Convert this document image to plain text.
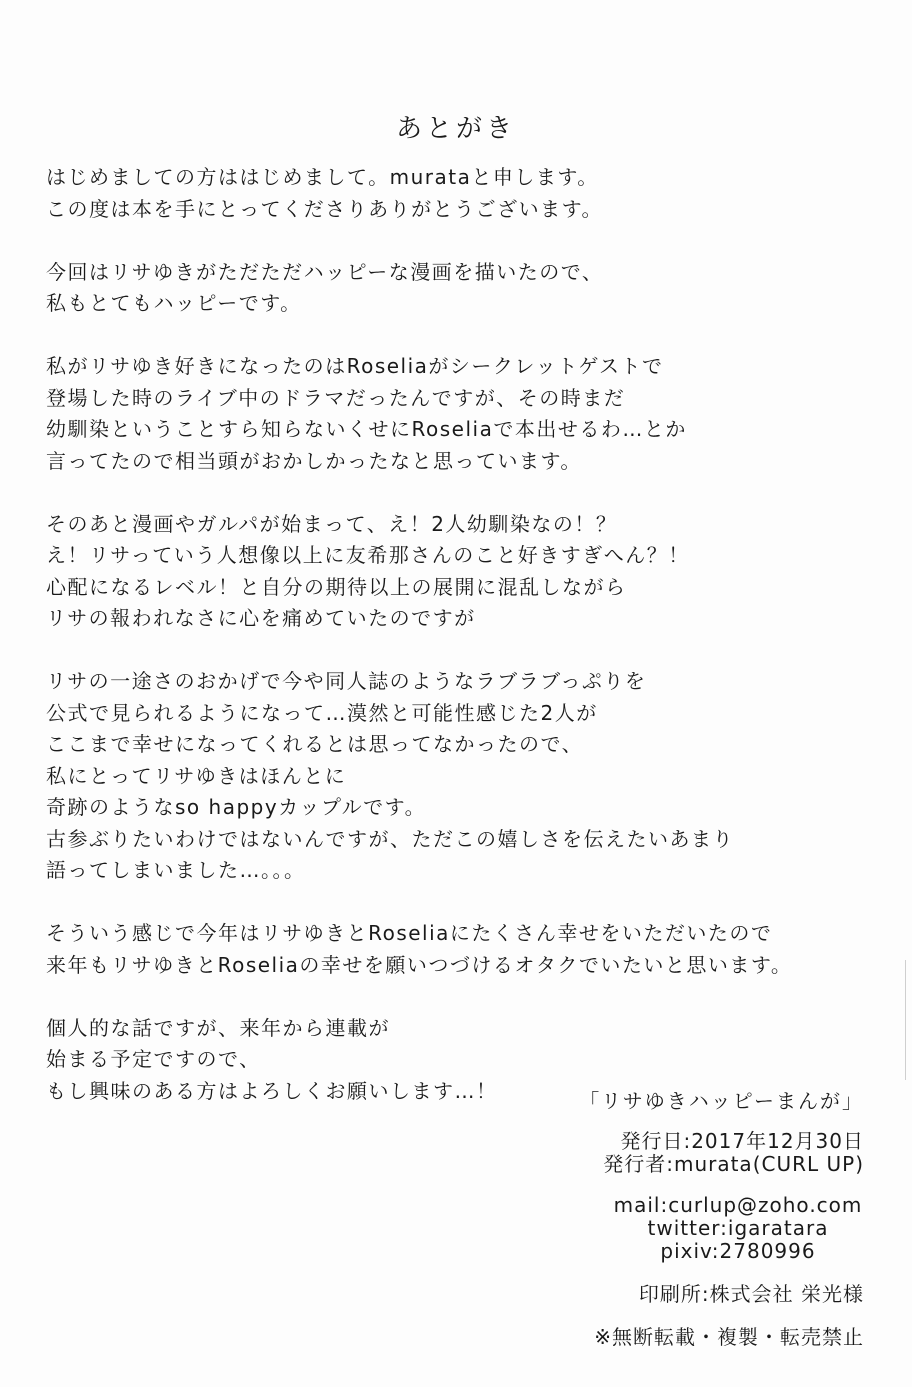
あとがき
はじめましての方ははじめまして。murataと申します。
この度は本を手にとってくださりありがとうございます。
今回はリサゆきがただただハッピーな漫画を描いたので、
私もとてもハッピーです。
私がリサゆき好きになったのはRoseliaがシークレットゲストで
登場した時のライブ中のドラマだったんですが、その時まだ
幼馴染ということすら知らないくせにRoseliaで本出せるわ…とか
言ってたので相当頭がおかしかったなと思っています。
そのあと漫画やガルパが始まって、え！2人幼馴染なの！？
え！リサっていう人想像以上に友希那さんのこと好きすぎへん？！
心配になるレベル！と自分の期待以上の展開に混乱しながら
リサの報われなさに心を痛めていたのですが
リサの一途さのおかげで今や同人誌のようなラブラブっぷりを
公式で見られるようになって…漠然と可能性感じた2人が
ここまで幸せになってくれるとは思ってなかったので、
私にとってリサゆきはほんとに
奇跡のようなso happyカップルです。
古参ぶりたいわけではないんですが、ただこの嬉しさを伝えたいあまり
語ってしまいました…。。。
そういう感じで今年はリサゆきとRoseliaにたくさん幸せをいただいたので
来年もリサゆきとRoseliaの幸せを願いつづけるオタクでいたいと思います。
個人的な話ですが、来年から連載が
始まる予定ですので、
もし興味のある方はよろしくお願いします…！	「リサゆきハッピーまんが」
発行日:2017年12月30日
発行者:murata(CURL UP)
mail:curlup@zoho.com
twitter:igaratara
pixiv:2780996
印刷所:株式会社 栄光様
※無断転載・複製・転売禁止
